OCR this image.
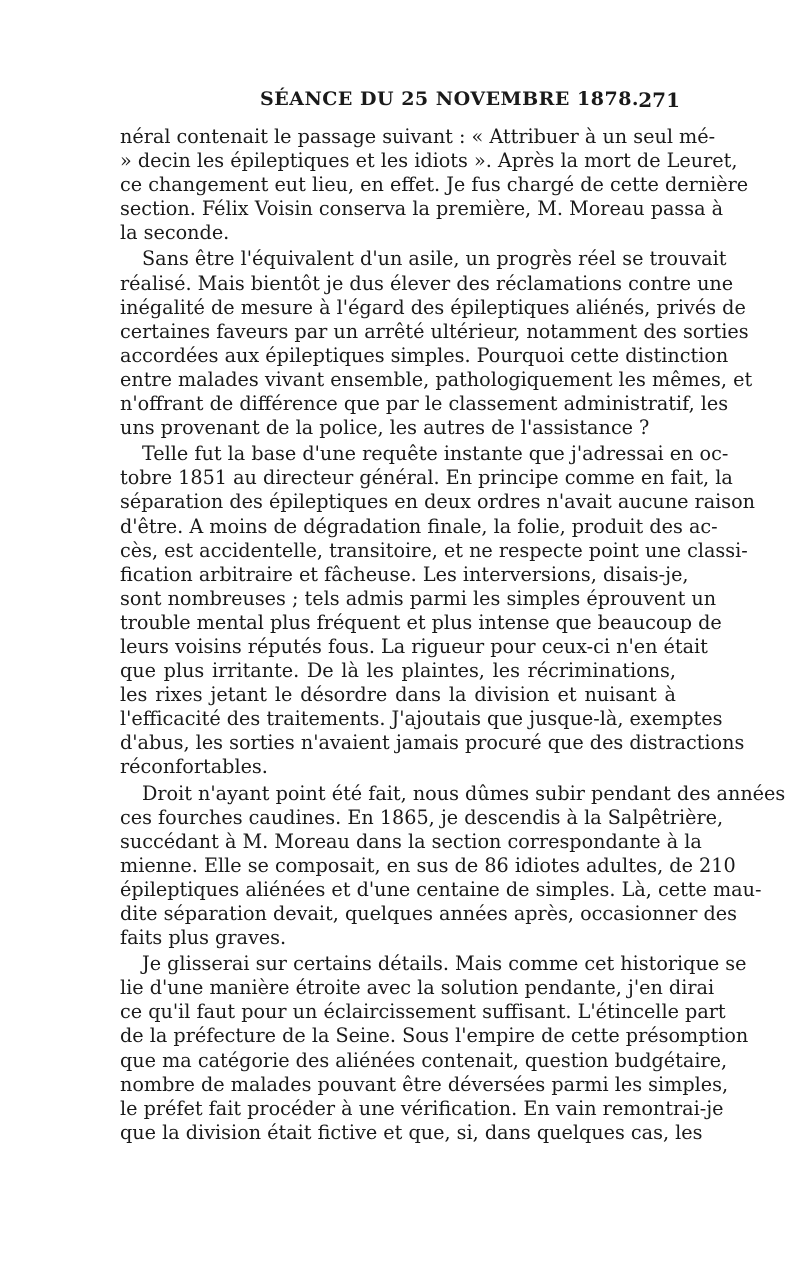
SÉANCE DU 25 NOVEMBRE 1878. 271
néral contenait le passage suivant : « Attribuer à un seul mé-
» decin les épileptiques et les idiots ». Après la mort de Leuret,
ce changement eut lieu, en effet. Je fus chargé de cette dernière
section. Félix Voisin conserva la première, M. Moreau passa à
la seconde.
Sans être l'équivalent d'un asile, un progrès réel se trouvait
réalisé. Mais bientôt je dus élever des réclamations contre une
inégalité de mesure à l'égard des épileptiques aliénés, privés de
certaines faveurs par un arrêté ultérieur, notamment des sorties
accordées aux épileptiques simples. Pourquoi cette distinction
entre malades vivant ensemble, pathologiquement les mêmes, et
n'offrant de différence que par le classement administratif, les
uns provenant de la police, les autres de l'assistance ?
Telle fut la base d'une requête instante que j'adressai en oc-
tobre 1851 au directeur général. En principe comme en fait, la
séparation des épileptiques en deux ordres n'avait aucune raison
d'être. A moins de dégradation finale, la folie, produit des ac-
cès, est accidentelle, transitoire, et ne respecte point une classi-
fication arbitraire et fâcheuse. Les interversions, disais-je,
sont nombreuses ; tels admis parmi les simples éprouvent un
trouble mental plus fréquent et plus intense que beaucoup de
leurs voisins réputés fous. La rigueur pour ceux-ci n'en était
que plus irritante. De là les plaintes, les récriminations,
les rixes jetant le désordre dans la division et nuisant à
l'efficacité des traitements. J'ajoutais que jusque-là, exemptes
d'abus, les sorties n'avaient jamais procuré que des distractions
réconfortables.
Droit n'ayant point été fait, nous dûmes subir pendant des années
ces fourches caudines. En 1865, je descendis à la Salpêtrière,
succédant à M. Moreau dans la section correspondante à la
mienne. Elle se composait, en sus de 86 idiotes adultes, de 210
épileptiques aliénées et d'une centaine de simples. Là, cette mau-
dite séparation devait, quelques années après, occasionner des
faits plus graves.
Je glisserai sur certains détails. Mais comme cet historique se
lie d'une manière étroite avec la solution pendante, j'en dirai
ce qu'il faut pour un éclaircissement suffisant. L'étincelle part
de la préfecture de la Seine. Sous l'empire de cette présomption
que ma catégorie des aliénées contenait, question budgétaire,
nombre de malades pouvant être déversées parmi les simples,
le préfet fait procéder à une vérification. En vain remontrai-je
que la division était fictive et que, si, dans quelques cas, les
